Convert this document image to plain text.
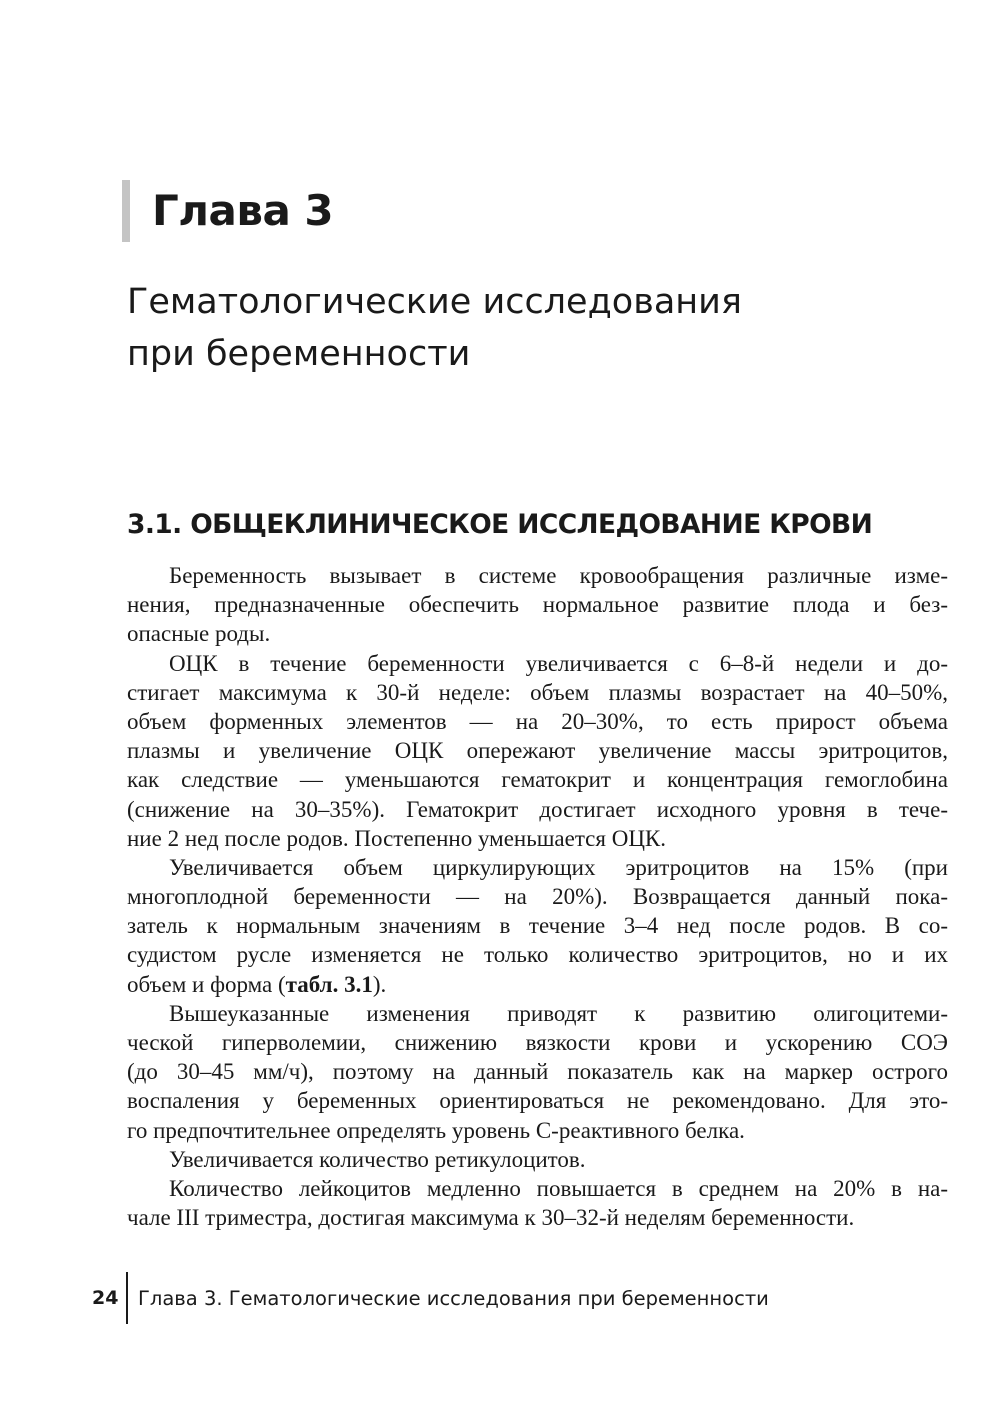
Глава 3
Гематологические исследования
при беременности
3.1. ОБЩЕКЛИНИЧЕСКОЕ ИССЛЕДОВАНИЕ КРОВИ
Беременность вызывает в системе кровообращения различные изме-
нения, предназначенные обеспечить нормальное развитие плода и без-
опасные роды.
ОЦК в течение беременности увеличивается с 6–8-й недели и до-
стигает максимума к 30-й неделе: объем плазмы возрастает на 40–50%,
объем форменных элементов — на 20–30%, то есть прирост объема
плазмы и увеличение ОЦК опережают увеличение массы эритроцитов,
как следствие — уменьшаются гематокрит и концентрация гемоглобина
(снижение на 30–35%). Гематокрит достигает исходного уровня в тече-
ние 2 нед после родов. Постепенно уменьшается ОЦК.
Увеличивается объем циркулирующих эритроцитов на 15% (при
многоплодной беременности — на 20%). Возвращается данный пока-
затель к нормальным значениям в течение 3–4 нед после родов. В со-
судистом русле изменяется не только количество эритроцитов, но и их
объем и форма (табл. 3.1).
Вышеуказанные изменения приводят к развитию олигоцитеми-
ческой гиперволемии, снижению вязкости крови и ускорению СОЭ
(до 30–45 мм/ч), поэтому на данный показатель как на маркер острого
воспаления у беременных ориентироваться не рекомендовано. Для это-
го предпочтительнее определять уровень С-реактивного белка.
Увеличивается количество ретикулоцитов.
Количество лейкоцитов медленно повышается в среднем на 20% в на-
чале III триместра, достигая максимума к 30–32-й неделям беременности.
24 Глава 3. Гематологические исследования при беременности
